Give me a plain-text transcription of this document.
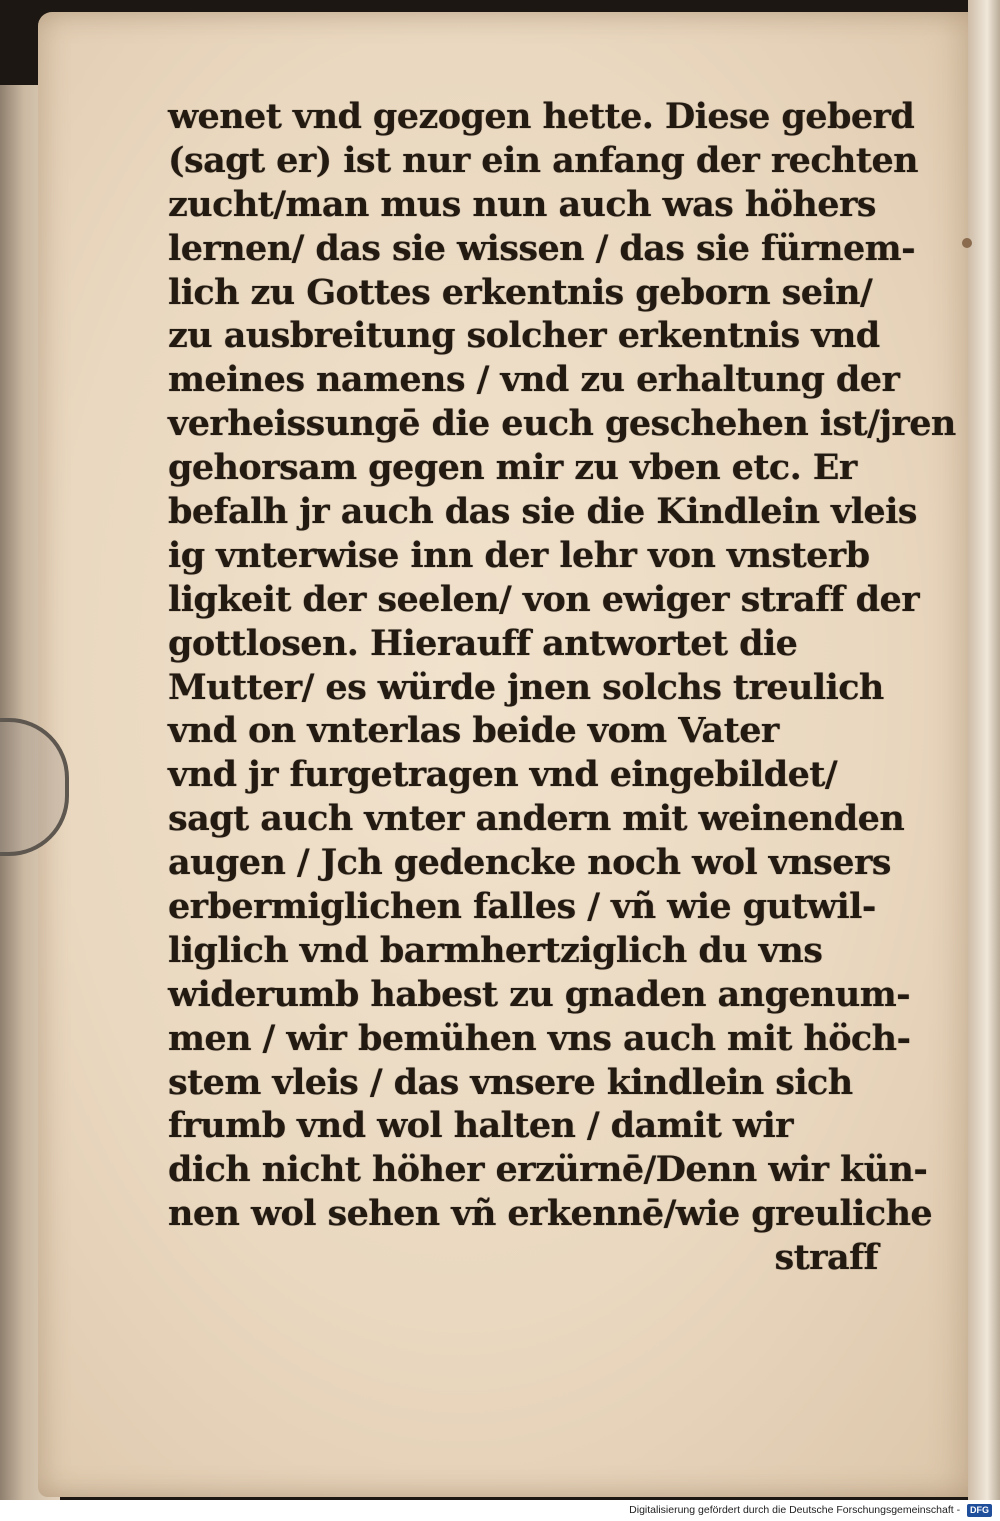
wenet vnd gezogen hette. Diese geberd
(sagt er) ist nur ein anfang der rechten
zucht/man mus nun auch was höhers
lernen/ das sie wissen / das sie fürnem-
lich zu Gottes erkentnis geborn sein/
zu ausbreitung solcher erkentnis vnd
meines namens / vnd zu erhaltung der
verheissungē die euch geschehen ist/jren
gehorsam gegen mir zu vben etc. Er
befalh jr auch das sie die Kindlein vleis
ig vnterwise inn der lehr von vnsterb
ligkeit der seelen/ von ewiger straff der
gottlosen. Hierauff antwortet die
Mutter/ es würde jnen solchs treulich
vnd on vnterlas beide vom Vater
vnd jr furgetragen vnd eingebildet/
sagt auch vnter andern mit weinenden
augen / Jch gedencke noch wol vnsers
erbermiglichen falles / vñ wie gutwil-
liglich vnd barmhertziglich du vns
widerumb habest zu gnaden angenum-
men / wir bemühen vns auch mit höch-
stem vleis / das vnsere kindlein sich
frumb vnd wol halten / damit wir
dich nicht höher erzürnē/Denn wir kün-
nen wol sehen vñ erkennē/wie greuliche
straff
Digitalisierung gefördert durch die Deutsche Forschungsgemeinschaft - DFG
